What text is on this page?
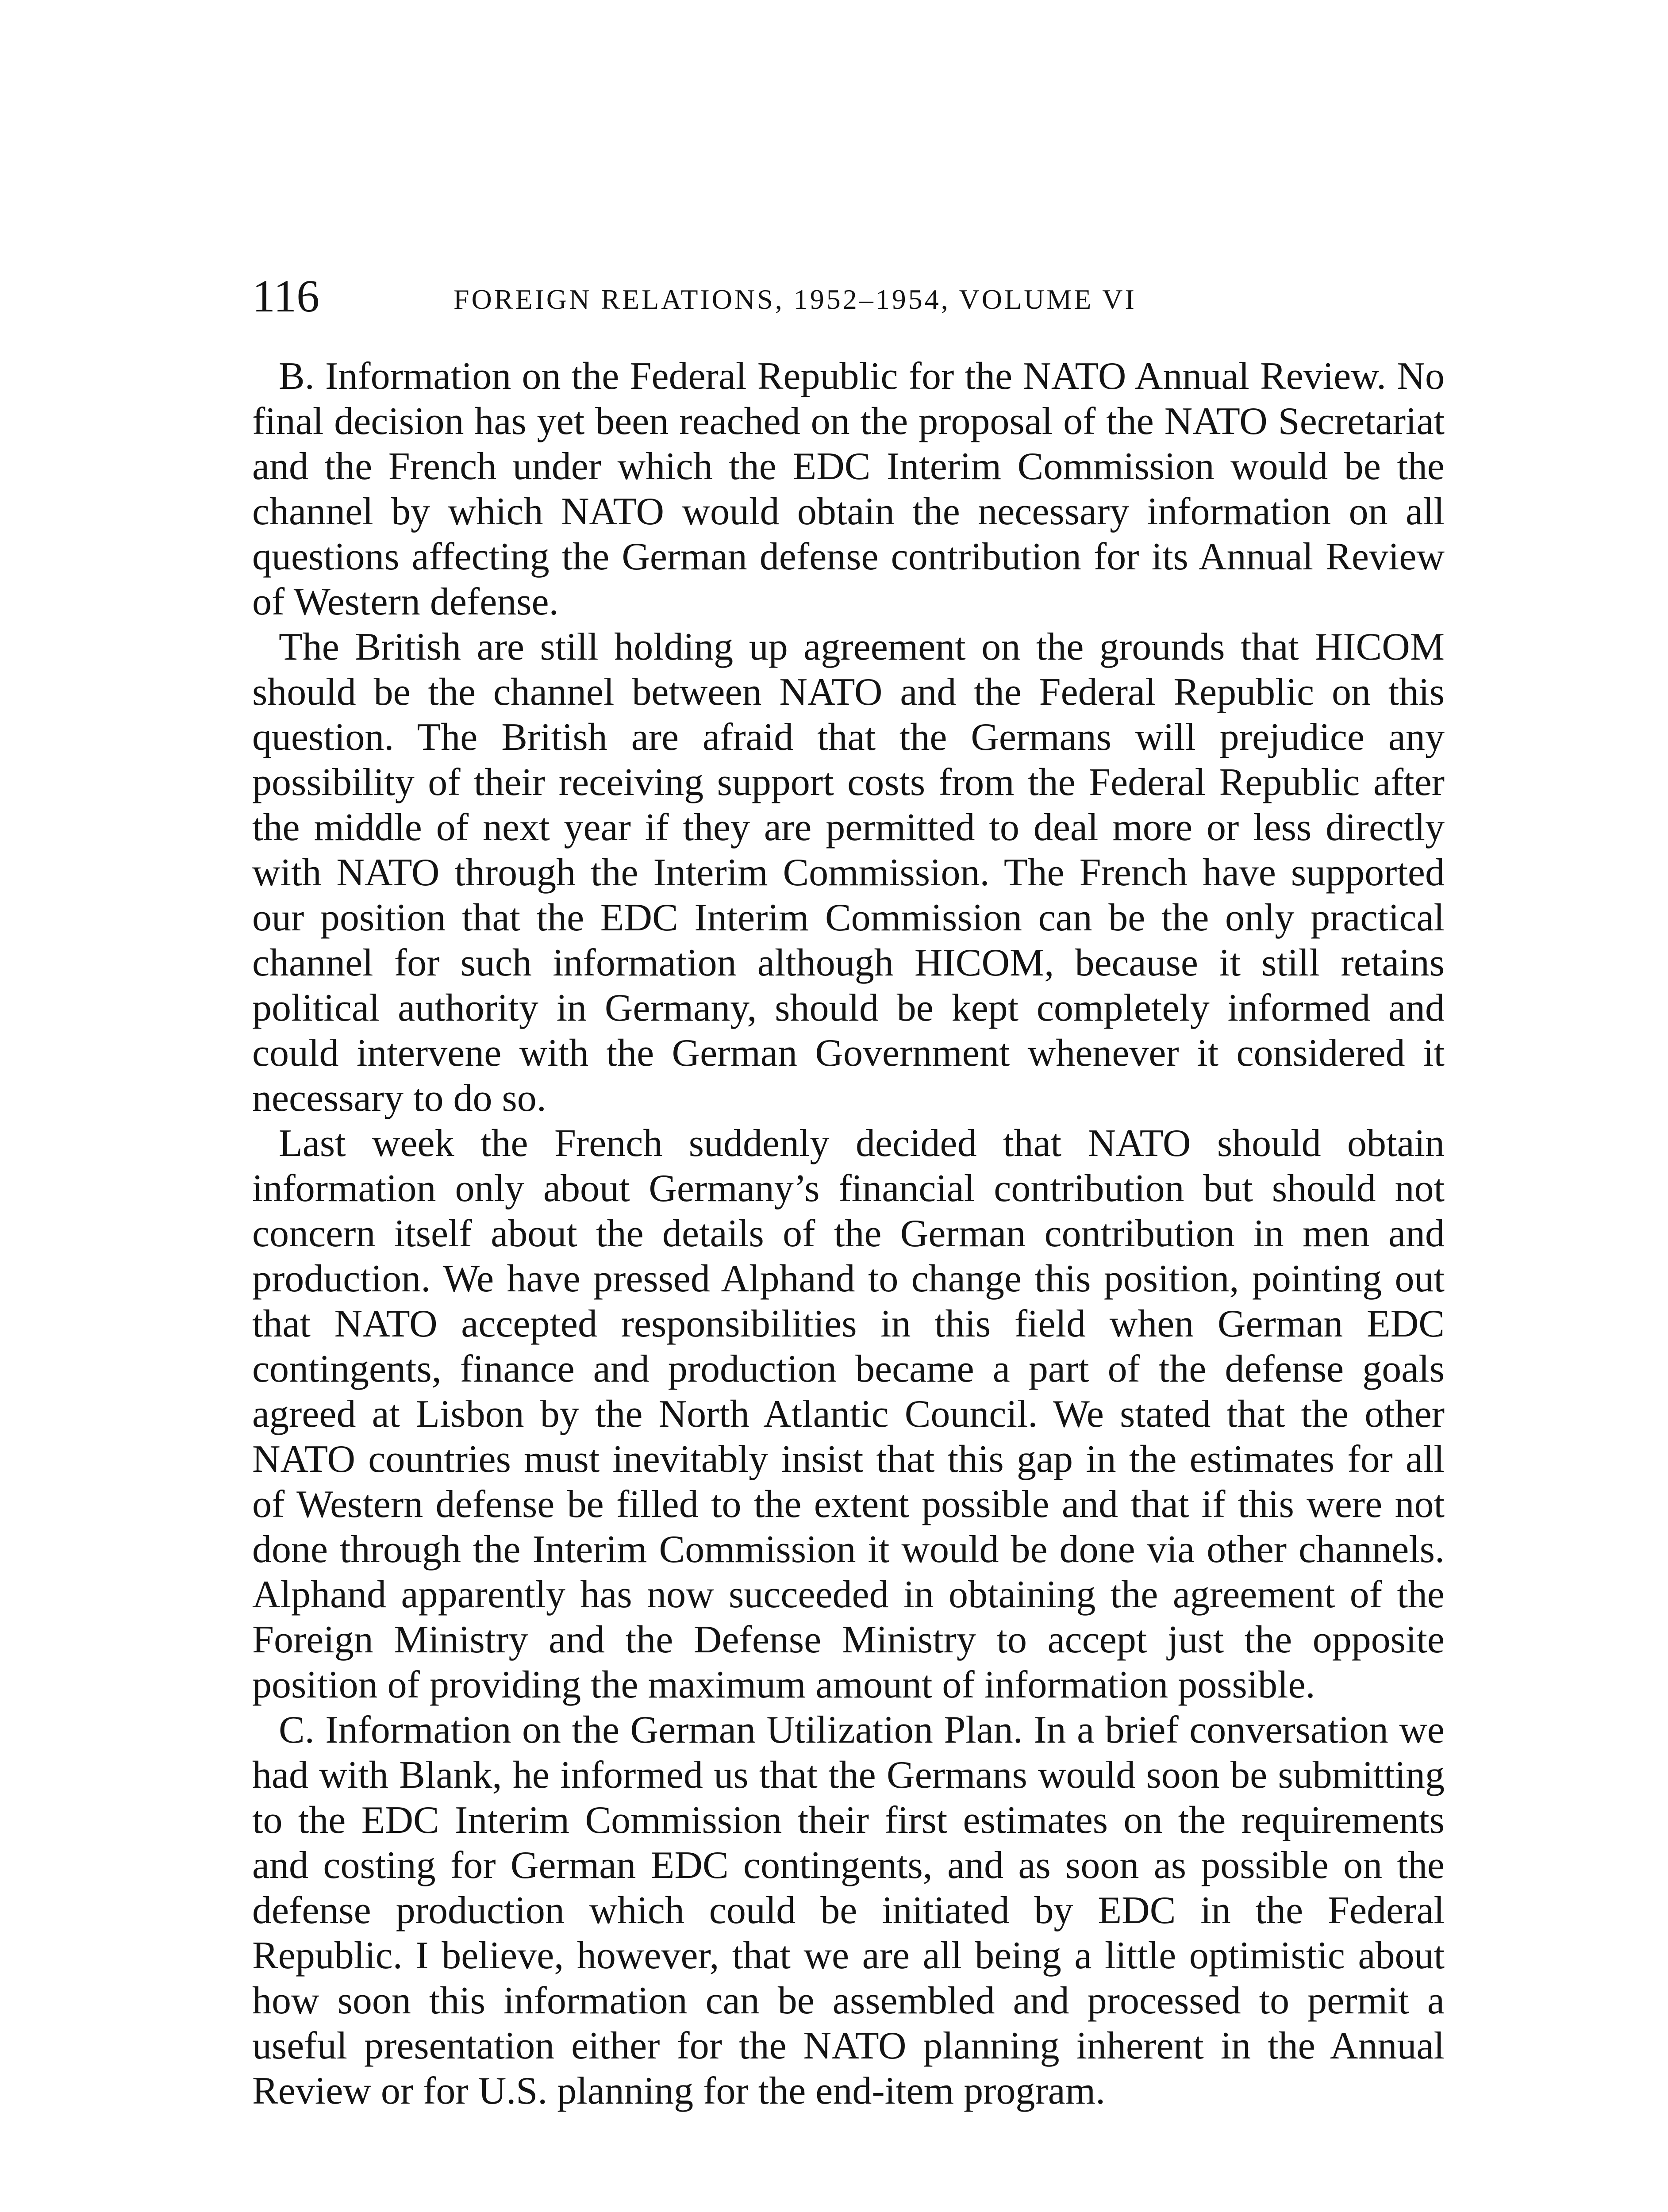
116	FOREIGN RELATIONS, 1952–1954, VOLUME VI

B. Information on the Federal Republic for the NATO Annual Review. No final decision has yet been reached on the proposal of the NATO Secretariat and the French under which the EDC Interim Commission would be the channel by which NATO would obtain the necessary information on all questions affecting the German defense contribution for its Annual Review of Western defense.

The British are still holding up agreement on the grounds that HICOM should be the channel between NATO and the Federal Republic on this question. The British are afraid that the Germans will prejudice any possibility of their receiving support costs from the Federal Republic after the middle of next year if they are permitted to deal more or less directly with NATO through the Interim Commission. The French have supported our position that the EDC Interim Commission can be the only practical channel for such information although HICOM, because it still retains political authority in Germany, should be kept completely informed and could intervene with the German Government whenever it considered it necessary to do so.

Last week the French suddenly decided that NATO should obtain information only about Germany’s financial contribution but should not concern itself about the details of the German contribution in men and production. We have pressed Alphand to change this position, pointing out that NATO accepted responsibilities in this field when German EDC contingents, finance and production became a part of the defense goals agreed at Lisbon by the North Atlantic Council. We stated that the other NATO countries must inevitably insist that this gap in the estimates for all of Western defense be filled to the extent possible and that if this were not done through the Interim Commission it would be done via other channels. Alphand apparently has now succeeded in obtaining the agreement of the Foreign Ministry and the Defense Ministry to accept just the opposite position of providing the maximum amount of information possible.

C. Information on the German Utilization Plan. In a brief conversation we had with Blank, he informed us that the Germans would soon be submitting to the EDC Interim Commission their first estimates on the requirements and costing for German EDC contingents, and as soon as possible on the defense production which could be initiated by EDC in the Federal Republic. I believe, however, that we are all being a little optimistic about how soon this information can be assembled and processed to permit a useful presentation either for the NATO planning inherent in the Annual Review or for U.S. planning for the end-item program.
